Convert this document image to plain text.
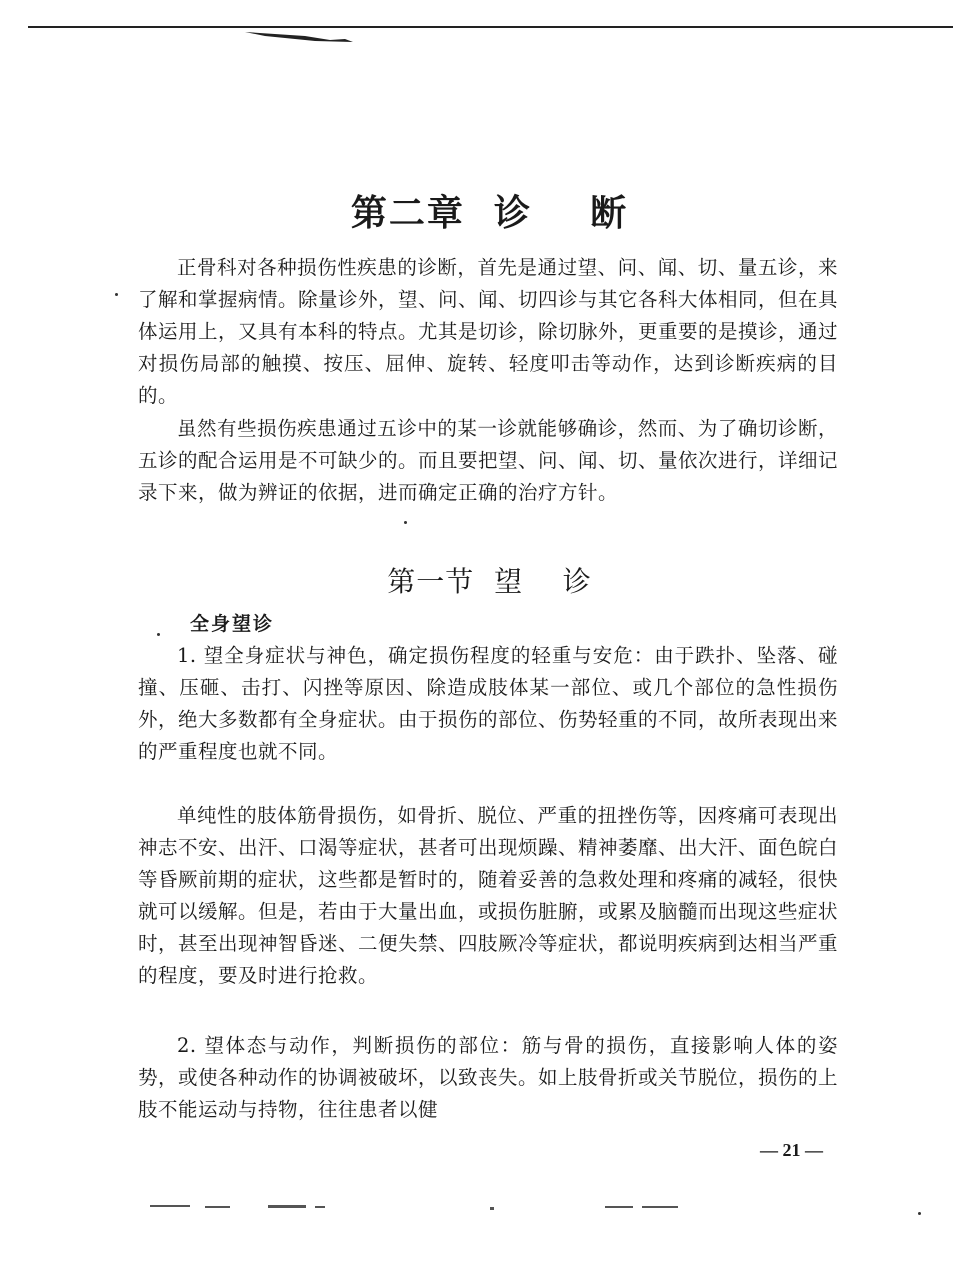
第二章  诊    断

正骨科对各种损伤性疾患的诊断，首先是通过望、问、闻、切、量五诊，来了解和掌握病情。除量诊外，望、问、闻、切四诊与其它各科大体相同，但在具体运用上，又具有本科的特点。尤其是切诊，除切脉外，更重要的是摸诊，通过对损伤局部的触摸、按压、屈伸、旋转、轻度叩击等动作，达到诊断疾病的目的。

虽然有些损伤疾患通过五诊中的某一诊就能够确诊，然而、为了确切诊断，五诊的配合运用是不可缺少的。而且要把望、问、闻、切、量依次进行，详细记录下来，做为辨证的依据，进而确定正确的治疗方针。

第一节  望    诊
全身望诊

1. 望全身症状与神色，确定损伤程度的轻重与安危：由于跌扑、坠落、碰撞、压砸、击打、闪挫等原因、除造成肢体某一部位、或几个部位的急性损伤外，绝大多数都有全身症状。由于损伤的部位、伤势轻重的不同，故所表现出来的严重程度也就不同。

单纯性的肢体筋骨损伤，如骨折、脱位、严重的扭挫伤等，因疼痛可表现出神志不安、出汗、口渴等症状，甚者可出现烦躁、精神萎靡、出大汗、面色皖白等昏厥前期的症状，这些都是暂时的，随着妥善的急救处理和疼痛的减轻，很快就可以缓解。但是，若由于大量出血，或损伤脏腑，或累及脑髓而出现这些症状时，甚至出现神智昏迷、二便失禁、四肢厥冷等症状，都说明疾病到达相当严重的程度，要及时进行抢救。

2. 望体态与动作，判断损伤的部位：筋与骨的损伤，直接影响人体的姿势，或使各种动作的协调被破坏，以致丧失。如上肢骨折或关节脱位，损伤的上肢不能运动与持物，往往患者以健

— 21 —
